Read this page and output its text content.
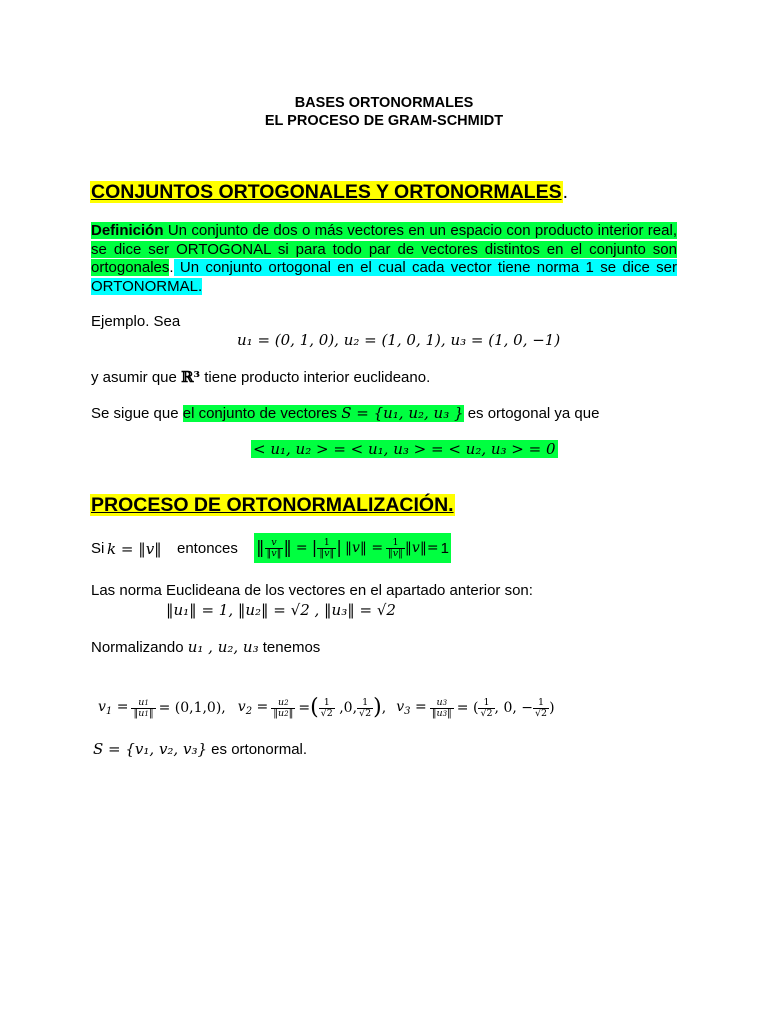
BASES ORTONORMALES
EL PROCESO DE GRAM-SCHMIDT
CONJUNTOS ORTOGONALES Y ORTONORMALES.
Definición Un conjunto de dos o más vectores en un espacio con producto interior real, se dice ser ORTOGONAL si para todo par de vectores distintos en el conjunto son ortogonales. Un conjunto ortogonal en el cual cada vector tiene norma 1 se dice ser ORTONORMAL.
Ejemplo. Sea
u₁ = (0, 1, 0), u₂ = (1, 0, 1), u₃ = (1, 0, −1)
y asumir que ℝ³ tiene producto interior euclideano.
Se sigue que el conjunto de vectores S = {u₁, u₂, u₃ } es ortogonal ya que
< u₁, u₂ > = < u₁, u₃ > = < u₂, u₃ > = 0
PROCESO DE ORTONORMALIZACIÓN.
Si k = ‖v‖ entonces ‖ $\frac{v}{‖v‖}$ ‖ = | $\frac{1}{‖v‖}$ | ‖v‖ = $\frac{1}{‖v‖}$ ‖v‖= 1
Las norma Euclideana de los vectores en el apartado anterior son:
‖u₁‖ = 1, ‖u₂‖ = √2 , ‖u₃‖ = √2
Normalizando u₁ , u₂, u₃ tenemos
$v_1 = \frac{u1}{‖u1‖} = (0,1,0)$, $v_2 = \frac{u2}{‖u2‖}$ = ( $\frac{1}{√2} ,0$, $\frac{1}{√2}$ ) , $v_3 = \frac{u3}{‖u3‖}$ = ( $\frac{1}{√2}$ , 0, − $\frac{1}{√2}$ )
S = {v₁, v₂, v₃} es ortonormal.
